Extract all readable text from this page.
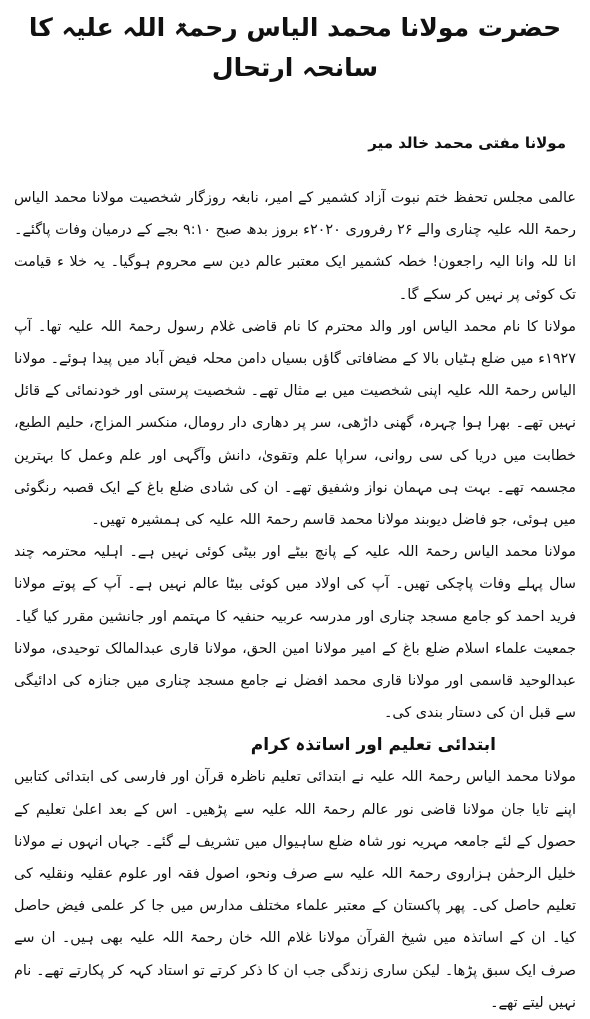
حضرت مولانا محمد الیاس رحمۃ اللہ علیہ کا سانحہ ارتحال
مولانا مفتی محمد خالد میر

عالمی مجلس تحفظ ختم نبوت آزاد کشمیر کے امیر، نابغہ روزگار شخصیت مولانا محمد الیاس رحمۃ اللہ علیہ چناری والے ۲۶ رفروری ۲۰۲۰ء بروز بدھ صبح ۹:۱۰ بجے کے درمیان وفات پاگئے۔ انا للہ وانا الیہ راجعون! خطہ کشمیر ایک معتبر عالم دین سے محروم ہوگیا۔ یہ خلا ء قیامت تک کوئی پر نہیں کر سکے گا۔

مولانا کا نام محمد الیاس اور والد محترم کا نام قاضی غلام رسول رحمۃ اللہ علیہ تھا۔ آپ ۱۹۲۷ء میں ضلع ہٹیاں بالا کے مضافاتی گاؤں بسیاں دامن محلہ فیض آباد میں پیدا ہوئے۔ مولانا الیاس رحمۃ اللہ علیہ اپنی شخصیت میں بے مثال تھے۔ شخصیت پرستی اور خودنمائی کے قائل نہیں تھے۔ بھرا ہوا چہرہ، گھنی داڑھی، سر پر دھاری دار رومال، منکسر المزاج، حلیم الطبع، خطابت میں دریا کی سی روانی، سراپا علم وتقویٰ، دانش وآگہی اور علم وعمل کا بہترین مجسمہ تھے۔ بہت ہی مہمان نواز وشفیق تھے۔ ان کی شادی ضلع باغ کے ایک قصبہ رنگوئی میں ہوئی، جو فاضل دیوبند مولانا محمد قاسم رحمۃ اللہ علیہ کی ہمشیرہ تھیں۔

مولانا محمد الیاس رحمۃ اللہ علیہ کے پانچ بیٹے اور بیٹی کوئی نہیں ہے۔ اہلیہ محترمہ چند سال پہلے وفات پاچکی تھیں۔ آپ کی اولاد میں کوئی بیٹا عالم نہیں ہے۔ آپ کے پوتے مولانا فرید احمد کو جامع مسجد چناری اور مدرسہ عربیہ حنفیہ کا مہتمم اور جانشین مقرر کیا گیا۔ جمعیت علماء اسلام ضلع باغ کے امیر مولانا امین الحق، مولانا قاری عبدالمالک توحیدی، مولانا عبدالوحید قاسمی اور مولانا قاری محمد افضل نے جامع مسجد چناری میں جنازہ کی ادائیگی سے قبل ان کی دستار بندی کی۔

ابتدائی تعلیم اور اساتذہ کرام

مولانا محمد الیاس رحمۃ اللہ علیہ نے ابتدائی تعلیم ناظرہ قرآن اور فارسی کی ابتدائی کتابیں اپنے تایا جان مولانا قاضی نور عالم رحمۃ اللہ علیہ سے پڑھیں۔ اس کے بعد اعلیٰ تعلیم کے حصول کے لئے جامعہ مہریہ نور شاہ ضلع ساہیوال میں تشریف لے گئے۔ جہاں انہوں نے مولانا خلیل الرحمٰن ہزاروی رحمۃ اللہ علیہ سے صرف ونحو، اصول فقہ اور علوم عقلیہ ونقلیہ کی تعلیم حاصل کی۔ پھر پاکستان کے معتبر علماء مختلف مدارس میں جا کر علمی فیض حاصل کیا۔ ان کے اساتذہ میں شیخ القرآن مولانا غلام اللہ خان رحمۃ اللہ علیہ بھی ہیں۔ ان سے صرف ایک سبق پڑھا۔ لیکن ساری زندگی جب ان کا ذکر کرتے تو استاد کہہ کر پکارتے تھے۔ نام نہیں لیتے تھے۔
